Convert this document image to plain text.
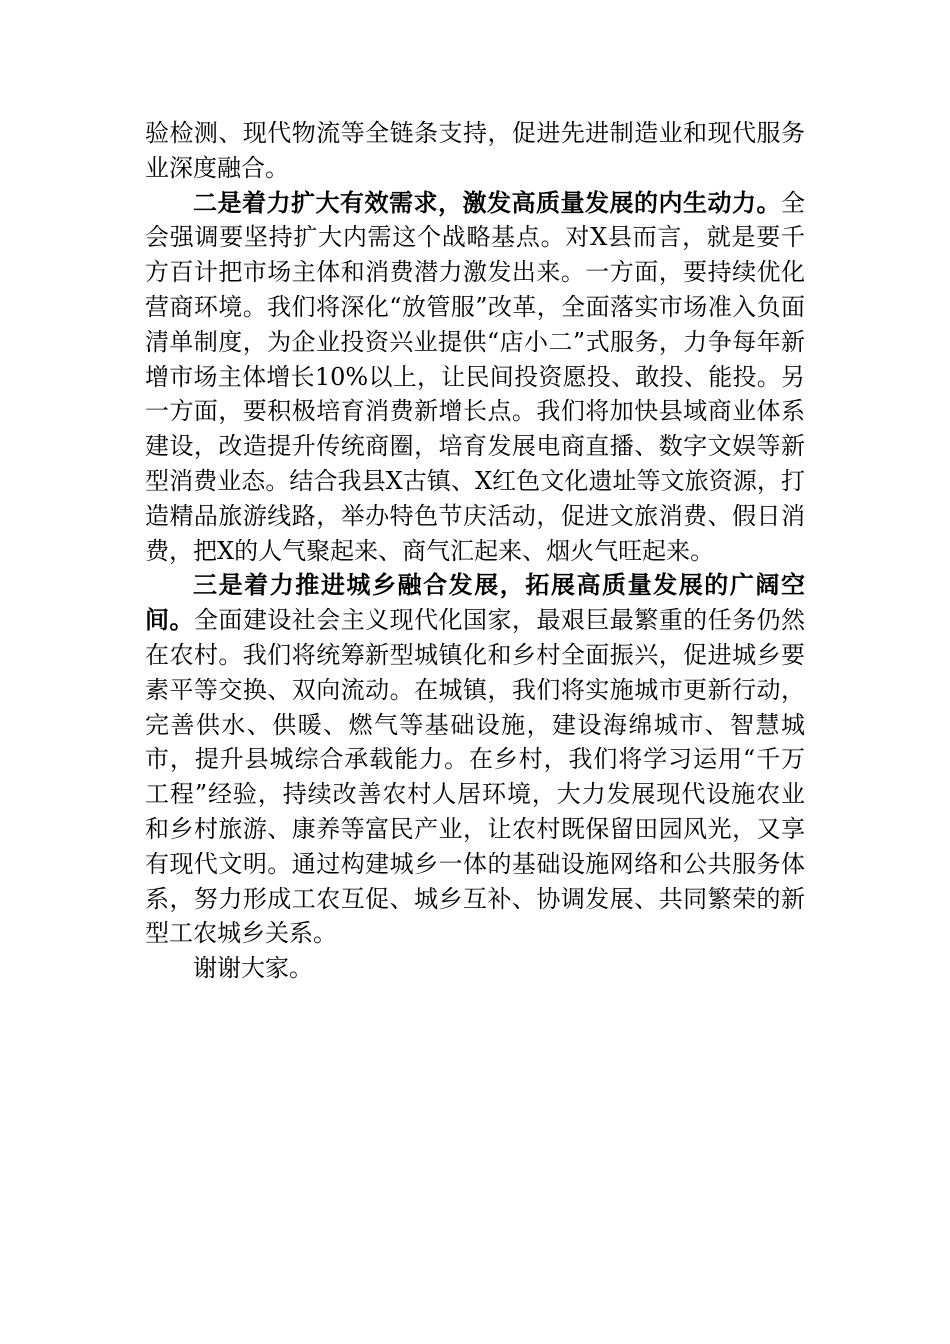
验检测、现代物流等全链条支持，促进先进制造业和现代服务业深度融合。

二是着力扩大有效需求，激发高质量发展的内生动力。全会强调要坚持扩大内需这个战略基点。对X县而言，就是要千方百计把市场主体和消费潜力激发出来。一方面，要持续优化营商环境。我们将深化“放管服”改革，全面落实市场准入负面清单制度，为企业投资兴业提供“店小二”式服务，力争每年新增市场主体增长10%以上，让民间投资愿投、敢投、能投。另一方面，要积极培育消费新增长点。我们将加快县域商业体系建设，改造提升传统商圈，培育发展电商直播、数字文娱等新型消费业态。结合我县X古镇、X红色文化遗址等文旅资源，打造精品旅游线路，举办特色节庆活动，促进文旅消费、假日消费，把X的人气聚起来、商气汇起来、烟火气旺起来。

三是着力推进城乡融合发展，拓展高质量发展的广阔空间。全面建设社会主义现代化国家，最艰巨最繁重的任务仍然在农村。我们将统筹新型城镇化和乡村全面振兴，促进城乡要素平等交换、双向流动。在城镇，我们将实施城市更新行动，完善供水、供暖、燃气等基础设施，建设海绵城市、智慧城市，提升县城综合承载能力。在乡村，我们将学习运用“千万工程”经验，持续改善农村人居环境，大力发展现代设施农业和乡村旅游、康养等富民产业，让农村既保留田园风光，又享有现代文明。通过构建城乡一体的基础设施网络和公共服务体系，努力形成工农互促、城乡互补、协调发展、共同繁荣的新型工农城乡关系。

谢谢大家。
